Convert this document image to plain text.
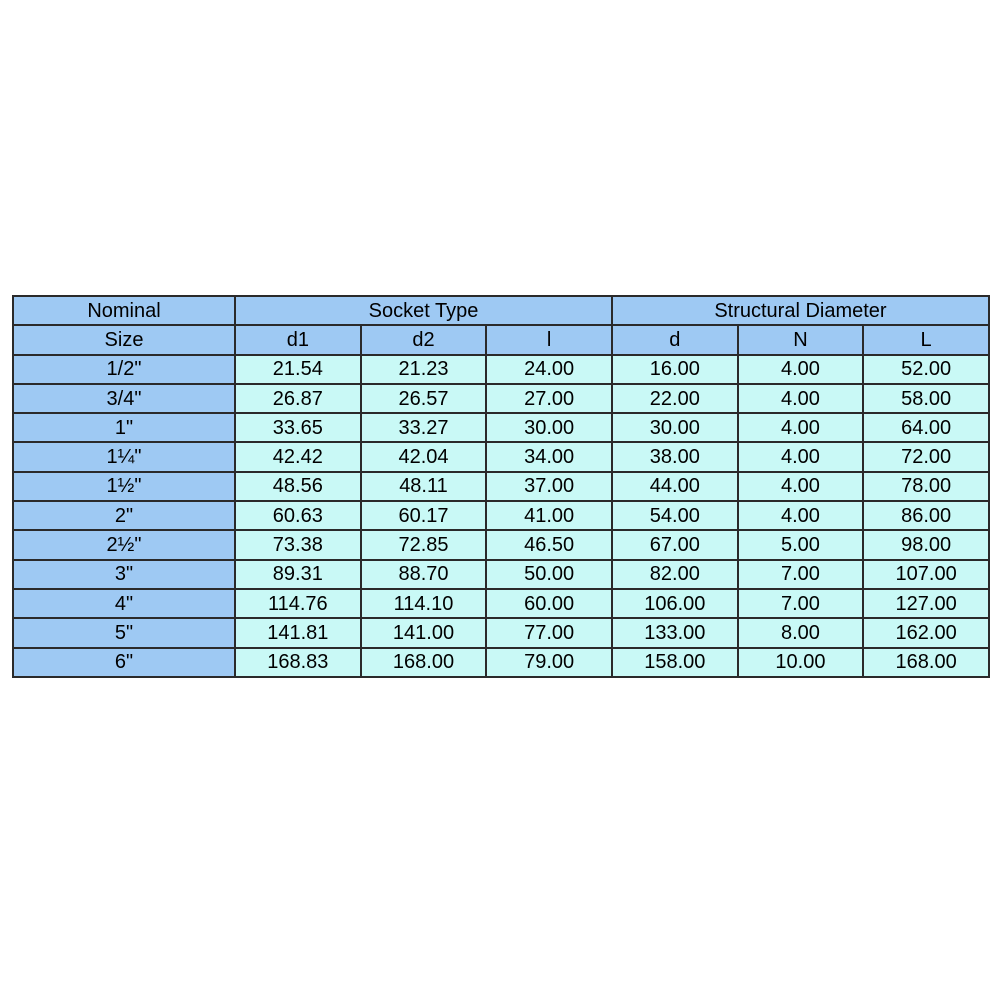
Nominal	Socket Type			Structural Diameter		
Size	d1	d2	l	d	N	L
1/2"	21.54	21.23	24.00	16.00	4.00	52.00
3/4"	26.87	26.57	27.00	22.00	4.00	58.00
1"	33.65	33.27	30.00	30.00	4.00	64.00
1¼"	42.42	42.04	34.00	38.00	4.00	72.00
1½"	48.56	48.11	37.00	44.00	4.00	78.00
2"	60.63	60.17	41.00	54.00	4.00	86.00
2½"	73.38	72.85	46.50	67.00	5.00	98.00
3"	89.31	88.70	50.00	82.00	7.00	107.00
4"	114.76	114.10	60.00	106.00	7.00	127.00
5"	141.81	141.00	77.00	133.00	8.00	162.00
6"	168.83	168.00	79.00	158.00	10.00	168.00
